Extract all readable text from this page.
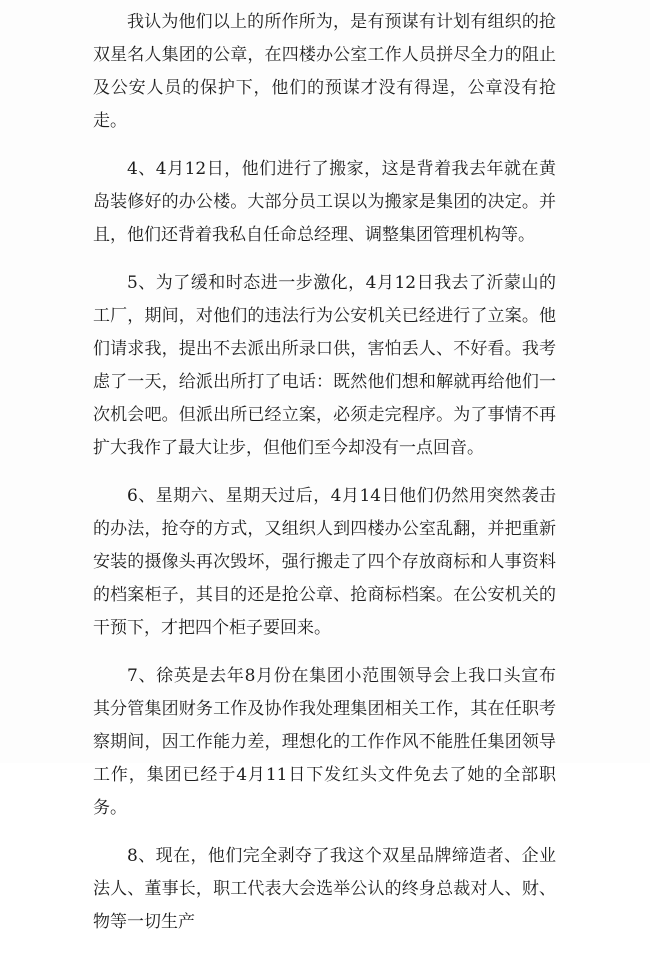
我认为他们以上的所作所为，是有预谋有计划有组织的抢双星名人集团的公章，在四楼办公室工作人员拼尽全力的阻止及公安人员的保护下，他们的预谋才没有得逞，公章没有抢走。

4、4月12日，他们进行了搬家，这是背着我去年就在黄岛装修好的办公楼。大部分员工误以为搬家是集团的决定。并且，他们还背着我私自任命总经理、调整集团管理机构等。

5、为了缓和时态进一步激化，4月12日我去了沂蒙山的工厂，期间，对他们的违法行为公安机关已经进行了立案。他们请求我，提出不去派出所录口供，害怕丢人、不好看。我考虑了一天，给派出所打了电话：既然他们想和解就再给他们一次机会吧。但派出所已经立案，必须走完程序。为了事情不再扩大我作了最大让步，但他们至今却没有一点回音。

6、星期六、星期天过后，4月14日他们仍然用突然袭击的办法，抢夺的方式，又组织人到四楼办公室乱翻，并把重新安装的摄像头再次毁坏，强行搬走了四个存放商标和人事资料的档案柜子，其目的还是抢公章、抢商标档案。在公安机关的干预下，才把四个柜子要回来。

7、徐英是去年8月份在集团小范围领导会上我口头宣布其分管集团财务工作及协作我处理集团相关工作，其在任职考察期间，因工作能力差，理想化的工作作风不能胜任集团领导工作，集团已经于4月11日下发红头文件免去了她的全部职务。

8、现在，他们完全剥夺了我这个双星品牌缔造者、企业法人、董事长，职工代表大会选举公认的终身总裁对人、财、物等一切生产
